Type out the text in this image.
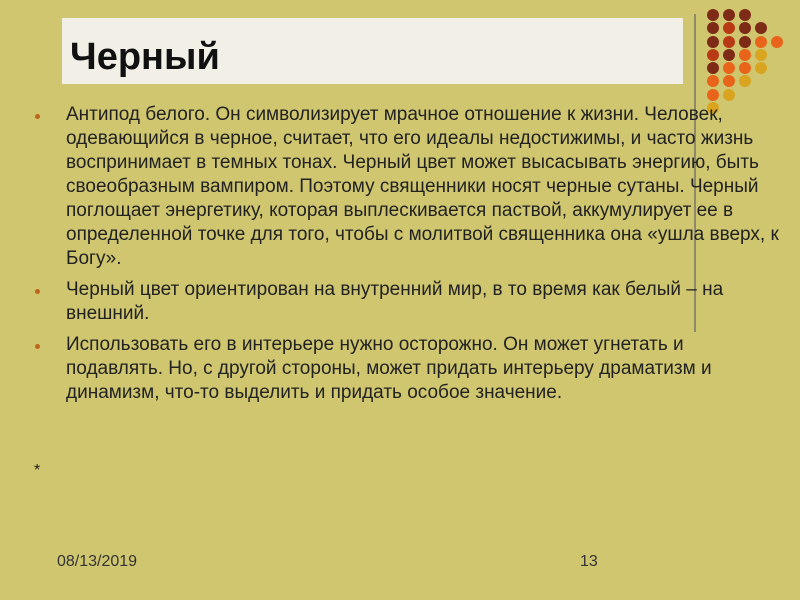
Черный
Антипод белого. Он символизирует мрачное отношение к жизни. Человек, одевающийся в черное, считает, что его идеалы недостижимы, и часто жизнь воспринимает в темных тонах. Черный цвет может высасывать энергию, быть своеобразным вампиром. Поэтому священники носят черные сутаны. Черный поглощает энергетику, которая выплескивается паствой, аккумулирует ее в определенной точке для того, чтобы с молитвой священника она «ушла вверх, к Богу».
Черный цвет ориентирован на внутренний мир, в то время как белый – на внешний.
Использовать его в интерьере нужно осторожно. Он может угнетать и подавлять. Но, с другой стороны, может придать интерьеру драматизм и динамизм, что-то выделить и придать особое значение.
*
08/13/2019	13
